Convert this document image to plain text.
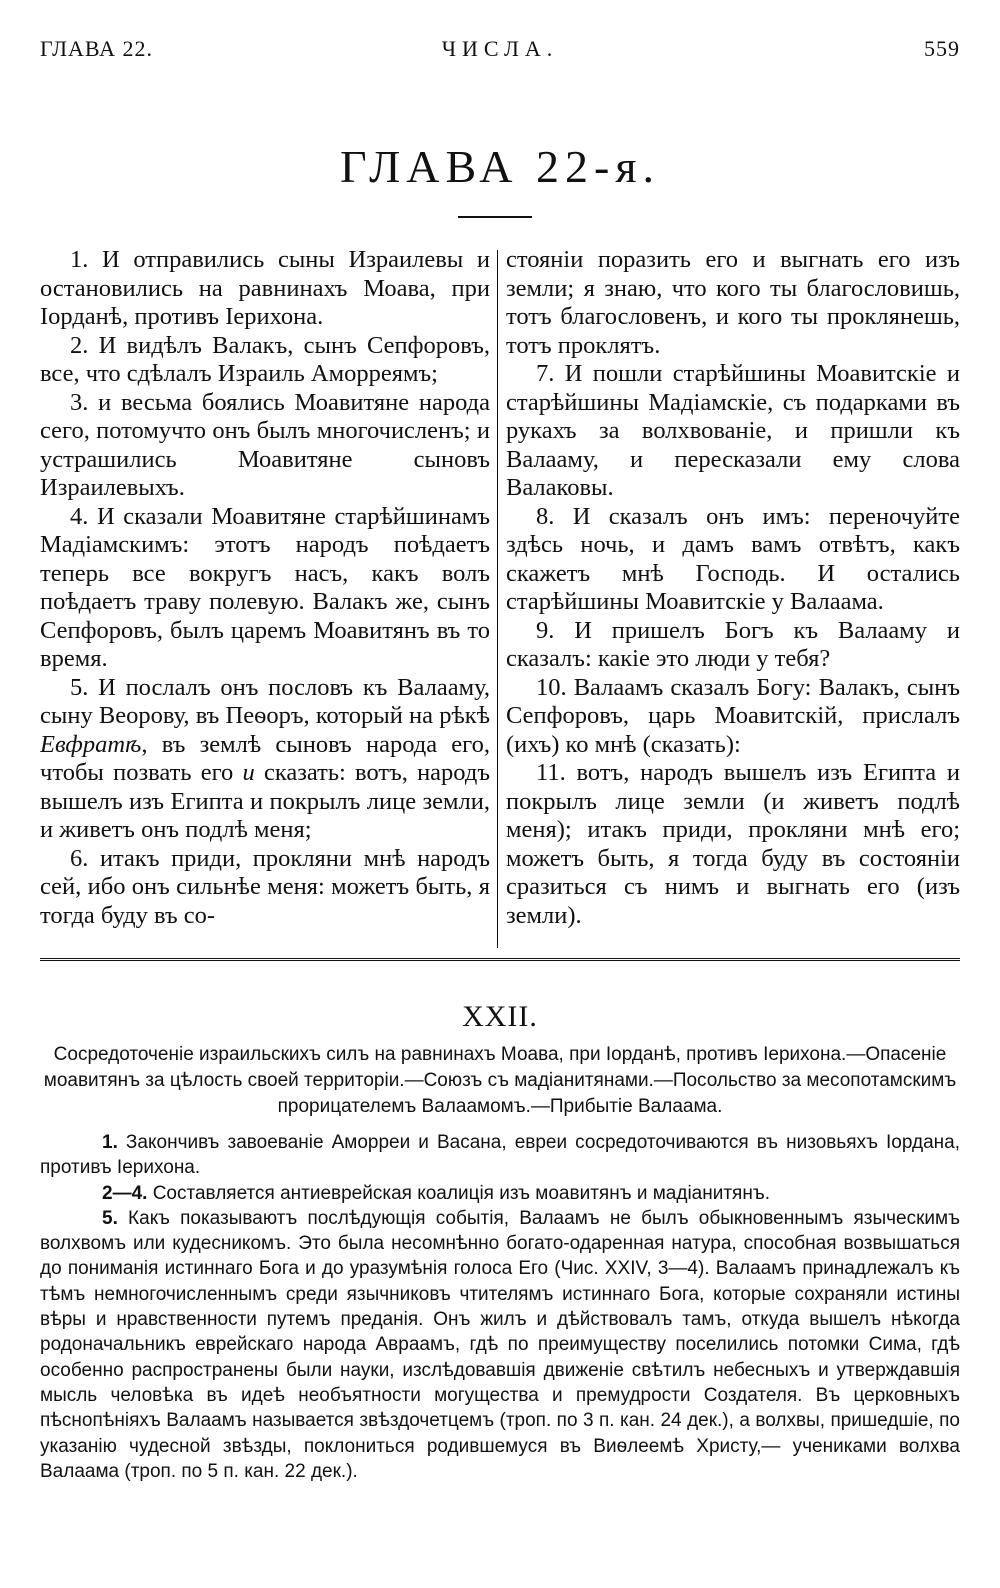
ГЛАВА 22.	ЧИСЛА.	559
ГЛАВА 22-я.

1. И отправились сыны Израилевы и остановились на равнинахъ Моава, при Іорданѣ, противъ Іерихона.

2. И видѣлъ Валакъ, сынъ Сепфоровъ, все, что сдѣлалъ Израиль Аморреямъ;

3. и весьма боялись Моавитяне народа сего, потомучто онъ былъ многочисленъ; и устрашились Моавитяне сыновъ Израилевыхъ.

4. И сказали Моавитяне старѣйшинамъ Мадіамскимъ: этотъ народъ поѣдаетъ теперь все вокругъ насъ, какъ волъ поѣдаетъ траву полевую. Валакъ же, сынъ Сепфоровъ, былъ царемъ Моавитянъ въ то время.

5. И послалъ онъ пословъ къ Валааму, сыну Веорову, въ Пеѳоръ, который на рѣкѣ Евфратѣ, въ землѣ сыновъ народа его, чтобы позвать его и сказать: вотъ, народъ вышелъ изъ Египта и покрылъ лице земли, и живетъ онъ подлѣ меня;

6. итакъ приди, прокляни мнѣ народъ сей, ибо онъ сильнѣе меня: можетъ быть, я тогда буду въ со-

стояніи поразить его и выгнать его изъ земли; я знаю, что кого ты благословишь, тотъ благословенъ, и кого ты проклянешь, тотъ проклятъ.

7. И пошли старѣйшины Моавитскіе и старѣйшины Мадіамскіе, съ подарками въ рукахъ за волхвованіе, и пришли къ Валааму, и пересказали ему слова Валаковы.

8. И сказалъ онъ имъ: переночуйте здѣсь ночь, и дамъ вамъ отвѣтъ, какъ скажетъ мнѣ Господь. И остались старѣйшины Моавитскіе у Валаама.

9. И пришелъ Богъ къ Валааму и сказалъ: какіе это люди у тебя?

10. Валаамъ сказалъ Богу: Валакъ, сынъ Сепфоровъ, царь Моавитскій, прислалъ (ихъ) ко мнѣ (сказать):

11. вотъ, народъ вышелъ изъ Египта и покрылъ лице земли (и живетъ подлѣ меня); итакъ приди, прокляни мнѣ его; можетъ быть, я тогда буду въ состояніи сразиться съ нимъ и выгнать его (изъ земли).

XXII.

Сосредоточеніе израильскихъ силъ на равнинахъ Моава, при Іорданѣ, противъ Іерихона.—Опасеніе моавитянъ за цѣлость своей территоріи.—Союзъ съ мадіанитянами.—Посольство за месопотамскимъ прорицателемъ Валаамомъ.—Прибытіе Валаама.

1. Закончивъ завоеваніе Аморреи и Васана, евреи сосредоточиваются въ низовьяхъ Іордана, противъ Іерихона.

2—4. Составляется антиеврейская коалиція изъ моавитянъ и мадіанитянъ.

5. Какъ показываютъ послѣдующія событія, Валаамъ не былъ обыкновеннымъ языческимъ волхвомъ или кудесникомъ. Это была несомнѣнно богато-одаренная натура, способная возвышаться до пониманія истиннаго Бога и до уразумѣнія голоса Его (Чис. XXIV, 3—4). Валаамъ принадлежалъ къ тѣмъ немногочисленнымъ среди язычниковъ чтителямъ истиннаго Бога, которые сохраняли истины вѣры и нравственности путемъ преданія. Онъ жилъ и дѣйствовалъ тамъ, откуда вышелъ нѣкогда родоначальникъ еврейскаго народа Авраамъ, гдѣ по преимуществу поселились потомки Сима, гдѣ особенно распространены были науки, изслѣдовавшія движеніе свѣтилъ небесныхъ и утверждавшія мысль человѣка въ идеѣ необъятности могущества и премудрости Создателя. Въ церковныхъ пѣснопѣніяхъ Валаамъ называется звѣздочетцемъ (троп. по 3 п. кан. 24 дек.), а волхвы, пришедшіе, по указанію чудесной звѣзды, поклониться родившемуся въ Виѳлеемѣ Христу,— учениками волхва Валаама (троп. по 5 п. кан. 22 дек.).
